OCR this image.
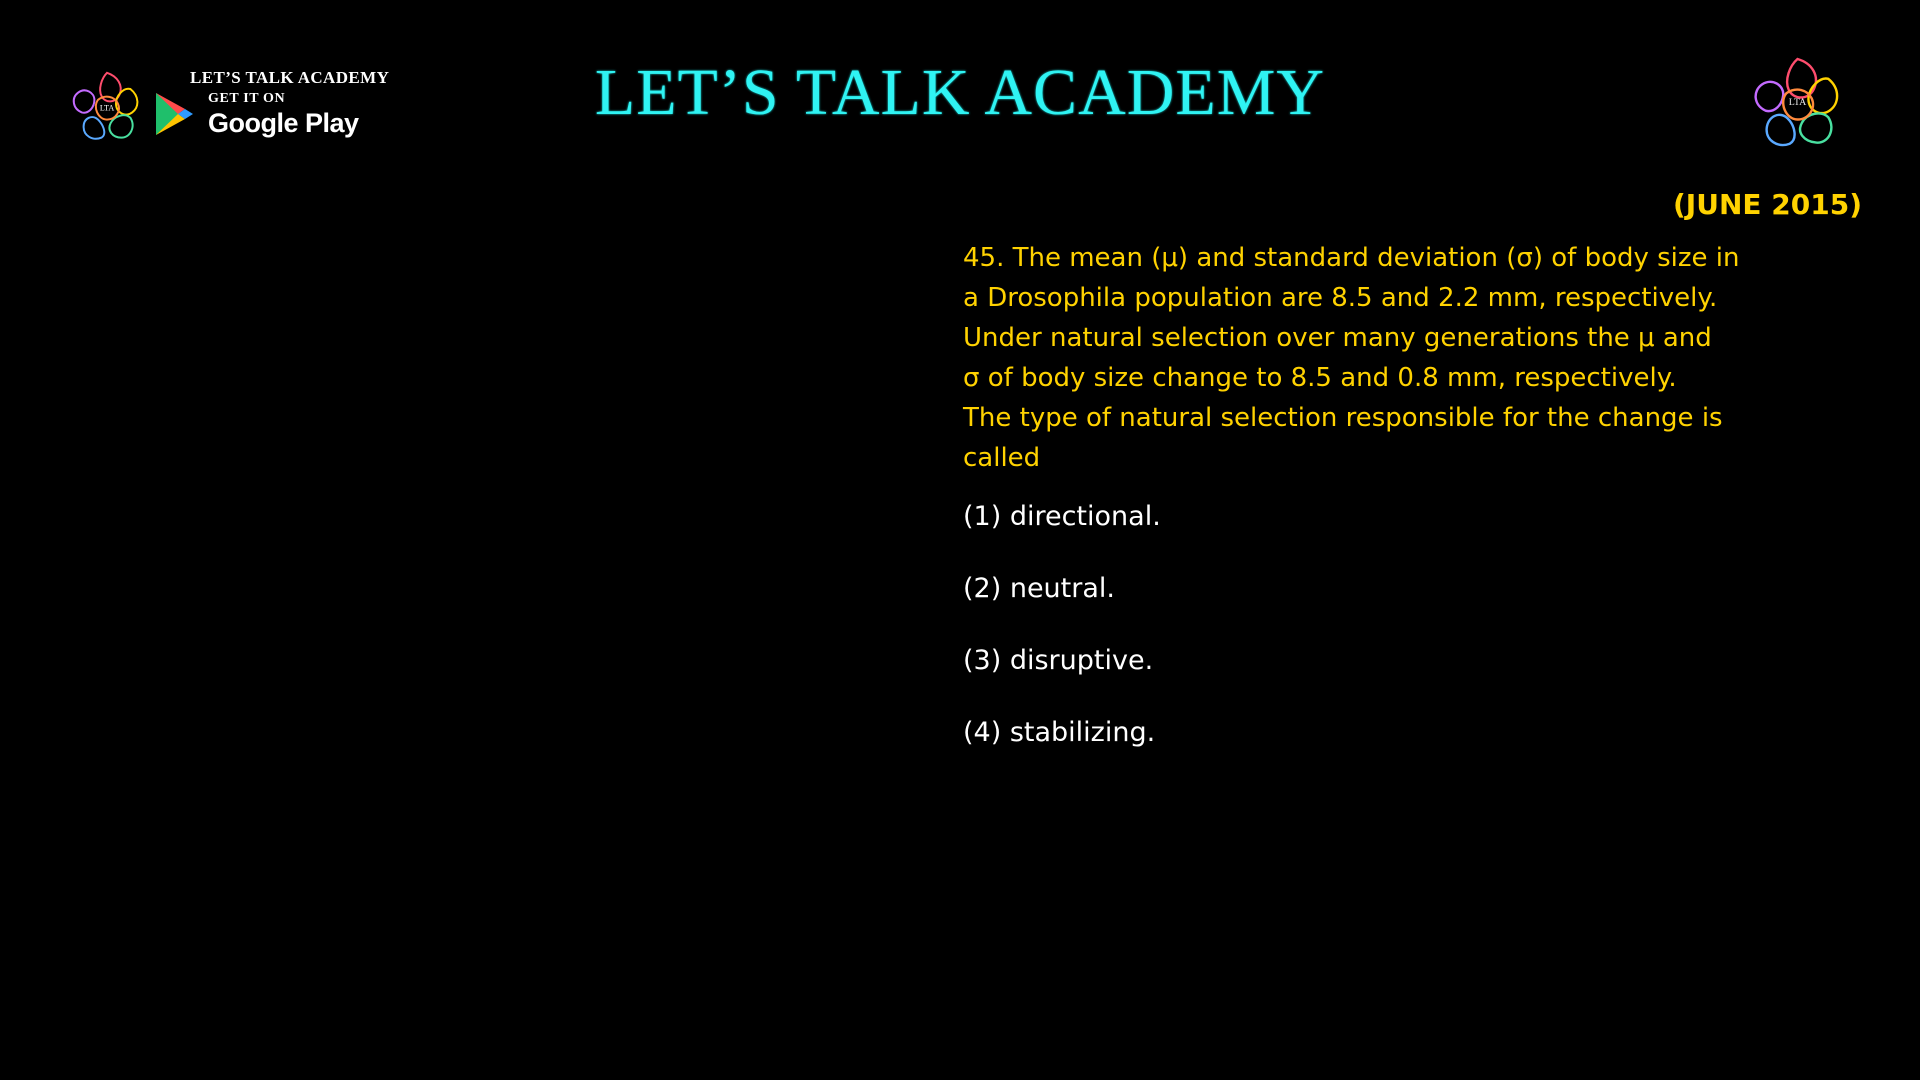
LTA
LET’S TALK ACADEMY
GET IT ON
Google Play	LET’S TALK ACADEMY	LTA
(JUNE 2015)
45. The mean (μ) and standard deviation (σ) of body size in
a Drosophila population are 8.5 and 2.2 mm, respectively.
Under natural selection over many generations the μ and
σ of body size change to 8.5 and 0.8 mm, respectively.
The type of natural selection responsible for the change is
called
(1) directional.
(2) neutral.
(3) disruptive.
(4) stabilizing.
